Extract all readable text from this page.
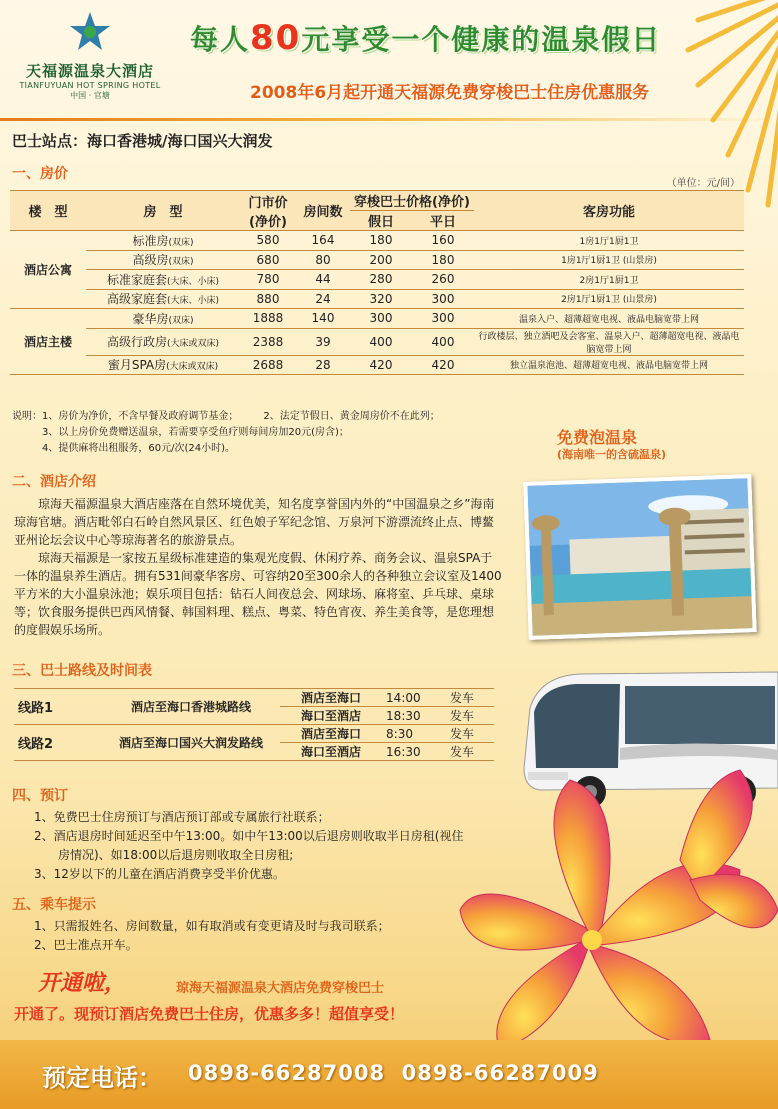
天福源温泉大酒店
TIANFUYUAN HOT SPRING HOTEL
中国 · 官塘
每人80元享受一个健康的温泉假日
2008年6月起开通天福源免费穿梭巴士住房优惠服务
巴士站点：海口香港城/海口国兴大润发
一、房价
（单位：元/间）
楼　型	房　型	门市价
(净价)	房间数	穿梭巴士价格(净价)		客房功能
				假日	平日	
酒店公寓	标准房(双床)	580	164	180	160	1房1厅1厨1卫
	高级房(双床)	680	80	200	180	1房1厅1厨1卫 (山景房)
	标准家庭套(大床、小床)	780	44	280	260	2房1厅1厨1卫
	高级家庭套(大床、小床)	880	24	320	300	2房1厅1厨1卫 (山景房)
酒店主楼	豪华房(双床)	1888	140	300	300	温泉入户、超薄超宽电视、液晶电脑宽带上网
	高级行政房(大床或双床)	2388	39	400	400	行政楼层、独立酒吧及会客室、温泉入户、超薄超宽电视、液晶电脑宽带上网
	蜜月SPA房(大床或双床)	2688	28	420	420	独立温泉泡池、超薄超宽电视、液晶电脑宽带上网
说明：1、房价为净价，不含早餐及政府调节基金；　　　2、法定节假日、黄金周房价不在此列；
　　　3、以上房价免费赠送温泉，若需要享受鱼疗则每间房加20元(房含)；
　　　4、提供麻将出租服务，60元/次(24小时)。
免费泡温泉
(海南唯一的含硫温泉)
二、酒店介绍

琼海天福源温泉大酒店座落在自然环境优美，知名度享誉国内外的“中国温泉之乡”海南琼海官塘。酒店毗邻白石岭自然风景区、红色娘子军纪念馆、万泉河下游漂流终止点、博鳌亚州论坛会议中心等琼海著名的旅游景点。

琼海天福源是一家按五星级标准建造的集观光度假、休闲疗养、商务会议、温泉SPA于一体的温泉养生酒店。拥有531间豪华客房、可容纳20至300余人的各种独立会议室及1400平方米的大小温泉泳池；娱乐项目包括：钻石人间夜总会、网球场、麻将室、乒乓球、桌球等；饮食服务提供巴西风情餐、韩国料理、糕点、粤菜、特色宵夜、养生美食等，是您理想的度假娱乐场所。

三、巴士路线及时间表
线路1	酒店至海口香港城路线	酒店至海口	14:00	发车
		海口至酒店	18:30	发车
线路2	酒店至海口国兴大润发路线	酒店至海口	8:30	发车
		海口至酒店	16:30	发车
四、预订
1、免费巴士住房预订与酒店预订部或专属旅行社联系；
2、酒店退房时间延迟至中午13:00。如中午13:00以后退房则收取半日房租(视住
　　房情况)、如18:00以后退房则收取全日房租;
3、12岁以下的儿童在酒店消费享受半价优惠。
五、乘车提示
1、只需报姓名、房间数量，如有取消或有变更请及时与我司联系；
2、巴士准点开车。
开通啦，	琼海天福源温泉大酒店免费穿梭巴士
开通了。现预订酒店免费巴士住房，优惠多多！超值享受！
预定电话： 0898-66287008  0898-66287009
